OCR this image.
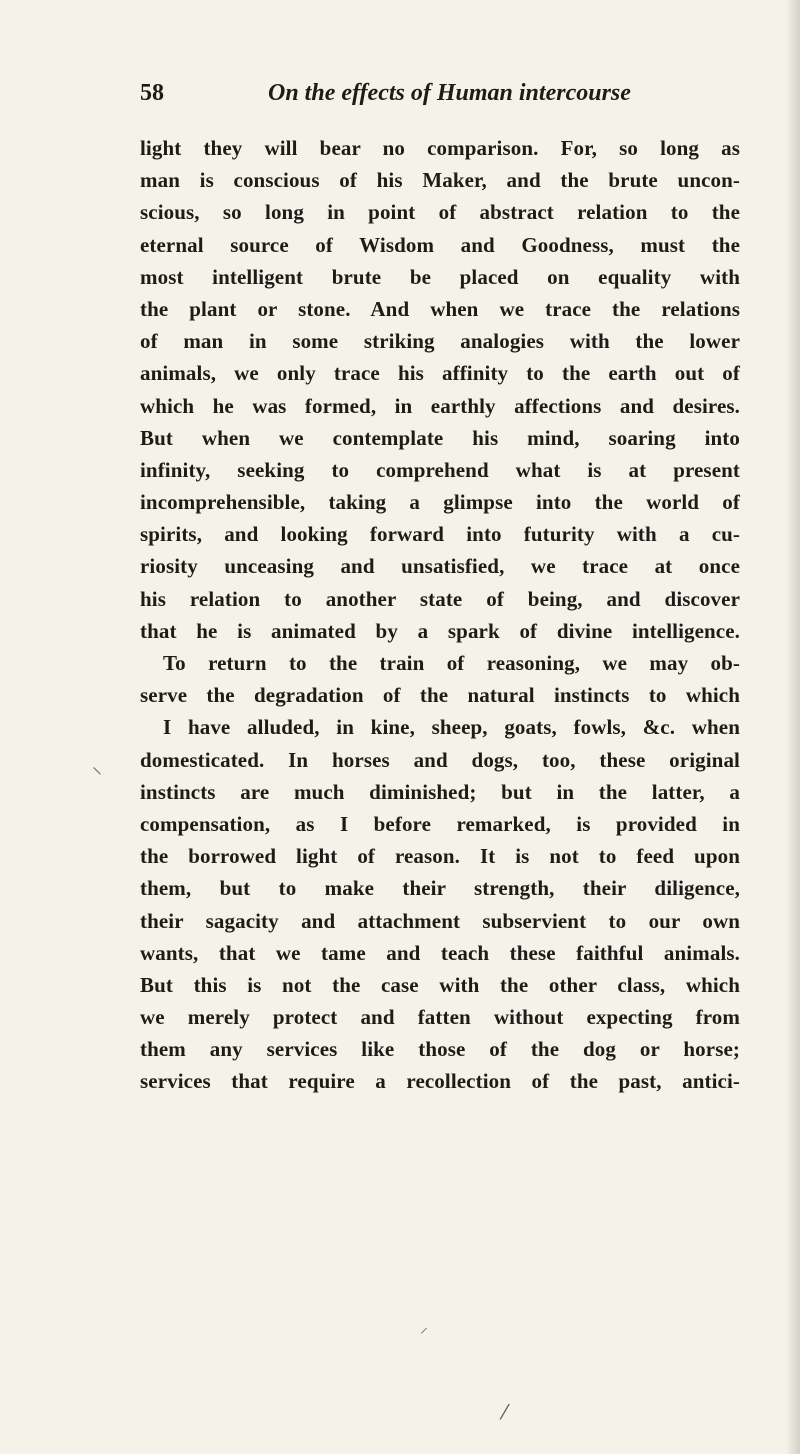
58	On the effects of Human intercourse
light they will bear no comparison. For, so long as
man is conscious of his Maker, and the brute uncon-
scious, so long in point of abstract relation to the
eternal source of Wisdom and Goodness, must the
most intelligent brute be placed on equality with
the plant or stone. And when we trace the relations
of man in some striking analogies with the lower
animals, we only trace his affinity to the earth out of
which he was formed, in earthly affections and desires.
But when we contemplate his mind, soaring into
infinity, seeking to comprehend what is at present
incomprehensible, taking a glimpse into the world of
spirits, and looking forward into futurity with a cu-
riosity unceasing and unsatisfied, we trace at once
his relation to another state of being, and discover
that he is animated by a spark of divine intelligence.
To return to the train of reasoning, we may ob-
serve the degradation of the natural instincts to which
I have alluded, in kine, sheep, goats, fowls, &c. when
domesticated. In horses and dogs, too, these original
instincts are much diminished; but in the latter, a
compensation, as I before remarked, is provided in
the borrowed light of reason. It is not to feed upon
them, but to make their strength, their diligence,
their sagacity and attachment subservient to our own
wants, that we tame and teach these faithful animals.
But this is not the case with the other class, which
we merely protect and fatten without expecting from
them any services like those of the dog or horse;
services that require a recollection of the past, antici-
⸜
⸍
⁄
